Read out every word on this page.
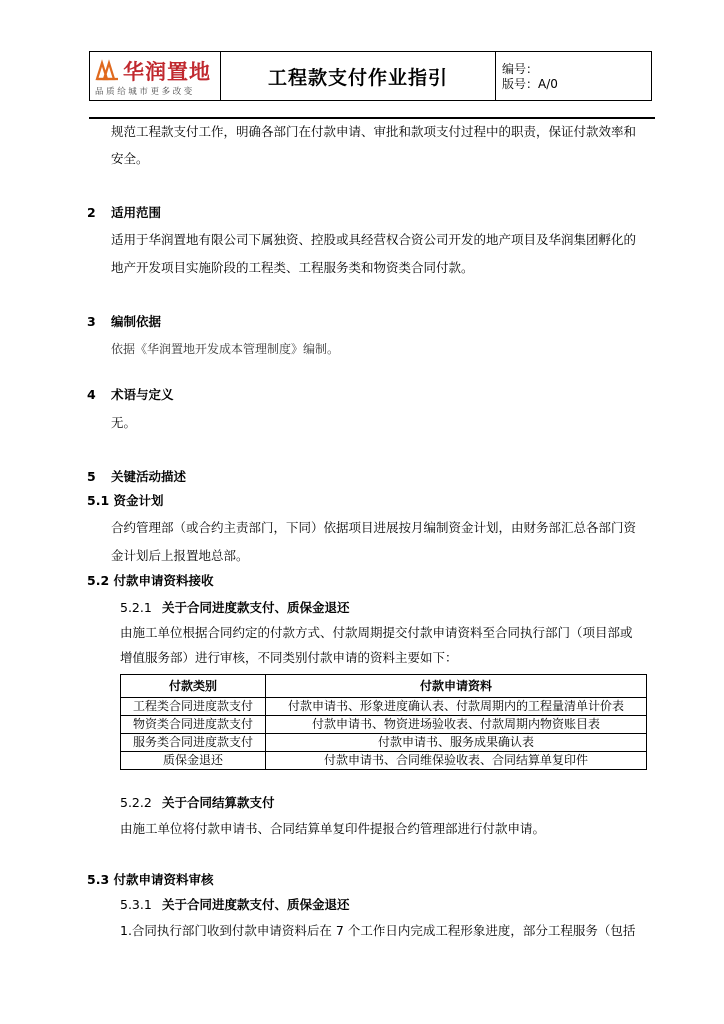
华润置地
品质给城市更多改变
工程款支付作业指引	编号：
版号：A/0
规范工程款支付工作，明确各部门在付款申请、审批和款项支付过程中的职责，保证付款效率和
安全。
2 适用范围
适用于华润置地有限公司下属独资、控股或具经营权合资公司开发的地产项目及华润集团孵化的
地产开发项目实施阶段的工程类、工程服务类和物资类合同付款。
3 编制依据
依据《华润置地开发成本管理制度》编制。
4 术语与定义
无。
5 关键活动描述
5.1 资金计划
合约管理部（或合约主责部门，下同）依据项目进展按月编制资金计划，由财务部汇总各部门资
金计划后上报置地总部。
5.2 付款申请资料接收
5.2.1 关于合同进度款支付、质保金退还
由施工单位根据合同约定的付款方式、付款周期提交付款申请资料至合同执行部门（项目部或
增值服务部）进行审核，不同类别付款申请的资料主要如下：
付款类别	付款申请资料
工程类合同进度款支付	付款申请书、形象进度确认表、付款周期内的工程量清单计价表
物资类合同进度款支付	付款申请书、物资进场验收表、付款周期内物资账目表
服务类合同进度款支付	付款申请书、服务成果确认表
质保金退还	付款申请书、合同维保验收表、合同结算单复印件
5.2.2 关于合同结算款支付
由施工单位将付款申请书、合同结算单复印件提报合约管理部进行付款申请。
5.3 付款申请资料审核
5.3.1 关于合同进度款支付、质保金退还
1.合同执行部门收到付款申请资料后在 7 个工作日内完成工程形象进度，部分工程服务（包括
